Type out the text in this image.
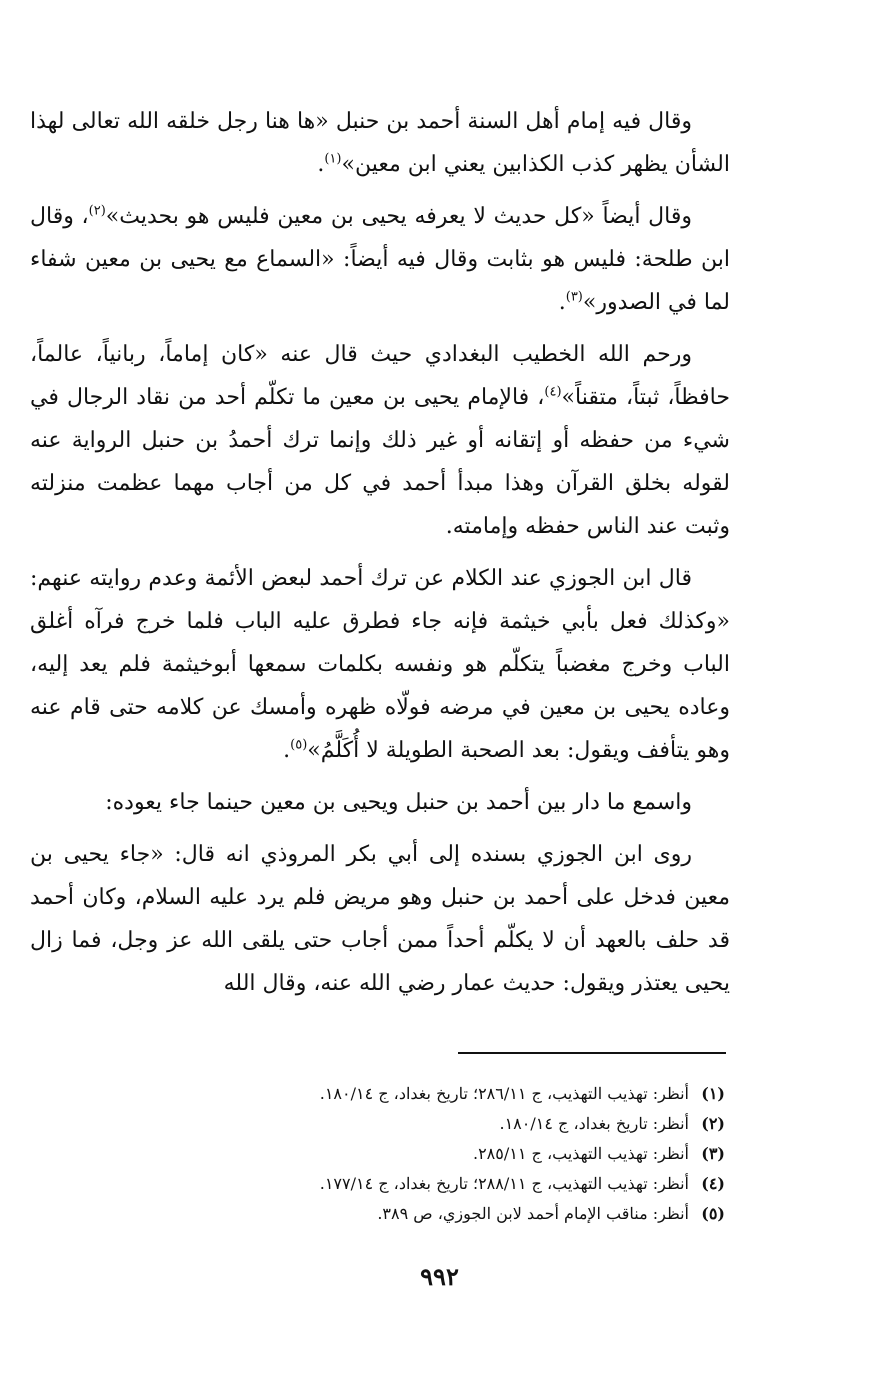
وقال فيه إمام أهل السنة أحمد بن حنبل «ها هنا رجل خلقه الله تعالى لهذا الشأن يظهر كذب الكذابين يعني ابن معين»$^{(١)}$.

وقال أيضاً «كل حديث لا يعرفه يحيى بن معين فليس هو بحديث»$^{(٢)}$، وقال ابن طلحة: فليس هو بثابت وقال فيه أيضاً: «السماع مع يحيى بن معين شفاء لما في الصدور»$^{(٣)}$.

ورحم الله الخطيب البغدادي حيث قال عنه «كان إماماً، ربانياً، عالماً، حافظاً، ثبتاً، متقناً»$^{(٤)}$، فالإمام يحيى بن معين ما تكلّم أحد من نقاد الرجال في شيء من حفظه أو إتقانه أو غير ذلك وإنما ترك أحمدُ بن حنبل الرواية عنه لقوله بخلق القرآن وهذا مبدأ أحمد في كل من أجاب مهما عظمت منزلته وثبت عند الناس حفظه وإمامته.

قال ابن الجوزي عند الكلام عن ترك أحمد لبعض الأئمة وعدم روايته عنهم: «وكذلك فعل بأبي خيثمة فإنه جاء فطرق عليه الباب فلما خرج فرآه أغلق الباب وخرج مغضباً يتكلّم هو ونفسه بكلمات سمعها أبوخيثمة فلم يعد إليه، وعاده يحيى بن معين في مرضه فولّاه ظهره وأمسك عن كلامه حتى قام عنه وهو يتأفف ويقول: بعد الصحبة الطويلة لا أُكَلَّمُ»$^{(٥)}$.

واسمع ما دار بين أحمد بن حنبل ويحيى بن معين حينما جاء يعوده:

روى ابن الجوزي بسنده إلى أبي بكر المروذي انه قال: «جاء يحيى بن معين فدخل على أحمد بن حنبل وهو مريض فلم يرد عليه السلام، وكان أحمد قد حلف بالعهد أن لا يكلّم أحداً ممن أجاب حتى يلقى الله عز وجل، فما زال يحيى يعتذر ويقول: حديث عمار رضي الله عنه، وقال الله

(١)
أنظر: تهذيب التهذيب، ج ٢٨٦/١١؛ تاريخ بغداد، ج ١٨٠/١٤.
(٢)
أنظر: تاريخ بغداد، ج ١٨٠/١٤.
(٣)
أنظر: تهذيب التهذيب، ج ٢٨٥/١١.
(٤)
أنظر: تهذيب التهذيب، ج ٢٨٨/١١؛ تاريخ بغداد، ج ١٧٧/١٤.
(٥)
أنظر: مناقب الإمام أحمد لابن الجوزي، ص ٣٨٩.
٩٩٢
